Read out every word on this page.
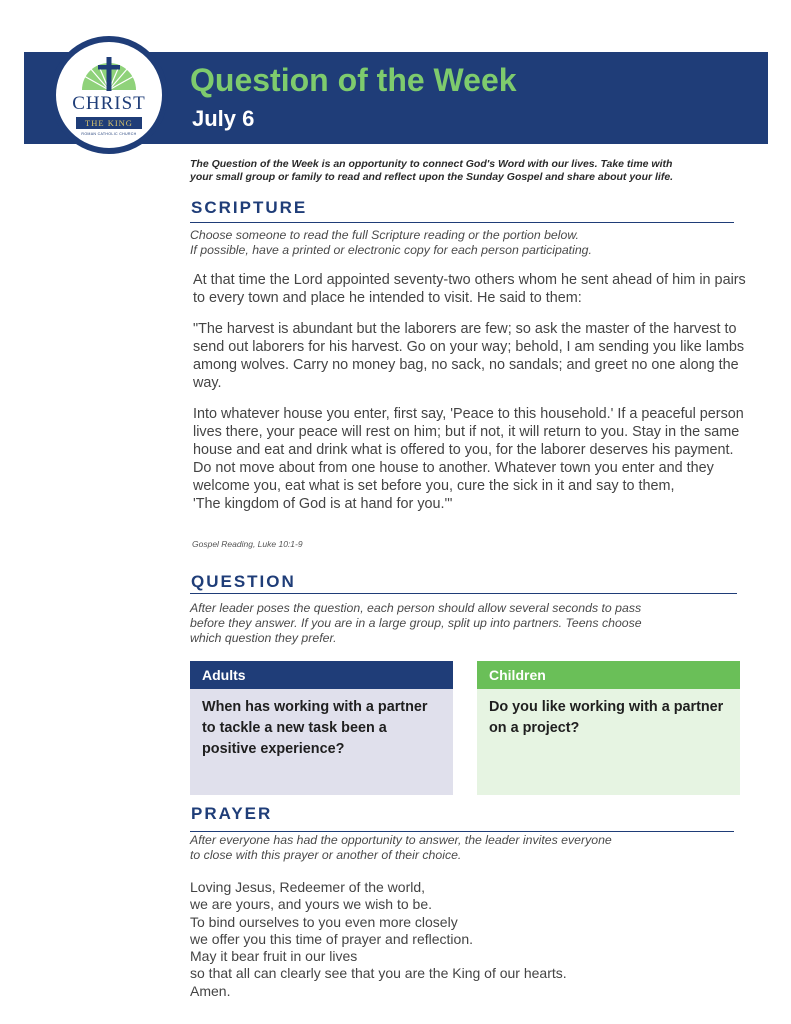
CHRIST
THE KING
ROMAN CATHOLIC CHURCH
Question of the Week
July 6
The Question of the Week is an opportunity to connect God's Word with our lives. Take time with
your small group or family to read and reflect upon the Sunday Gospel and share about your life.
SCRIPTURE
Choose someone to read the full Scripture reading or the portion below.
If possible, have a printed or electronic copy for each person participating.

At that time the Lord appointed seventy-two others whom he sent ahead of him in pairs to every town and place he intended to visit. He said to them:

"The harvest is abundant but the laborers are few; so ask the master of the harvest to send out laborers for his harvest. Go on your way; behold, I am sending you like lambs among wolves. Carry no money bag, no sack, no sandals; and greet no one along the way.

Into whatever house you enter, first say, 'Peace to this household.' If a peaceful person lives there, your peace will rest on him; but if not, it will return to you. Stay in the same house and eat and drink what is offered to you, for the laborer deserves his payment. Do not move about from one house to another. Whatever town you enter and they welcome you, eat what is set before you, cure the sick in it and say to them,
'The kingdom of God is at hand for you.'"
Gospel Reading, Luke 10:1-9
QUESTION
After leader poses the question, each person should allow several seconds to pass
before they answer. If you are in a large group, split up into partners. Teens choose
which question they prefer.
Adults
When has working with a partner to tackle a new task been a positive experience?
Children
Do you like working with a partner on a project?
PRAYER
After everyone has had the opportunity to answer, the leader invites everyone
to close with this prayer or another of their choice.
Loving Jesus, Redeemer of the world,
we are yours, and yours we wish to be.
To bind ourselves to you even more closely
we offer you this time of prayer and reflection.
May it bear fruit in our lives
so that all can clearly see that you are the King of our hearts.
Amen.
